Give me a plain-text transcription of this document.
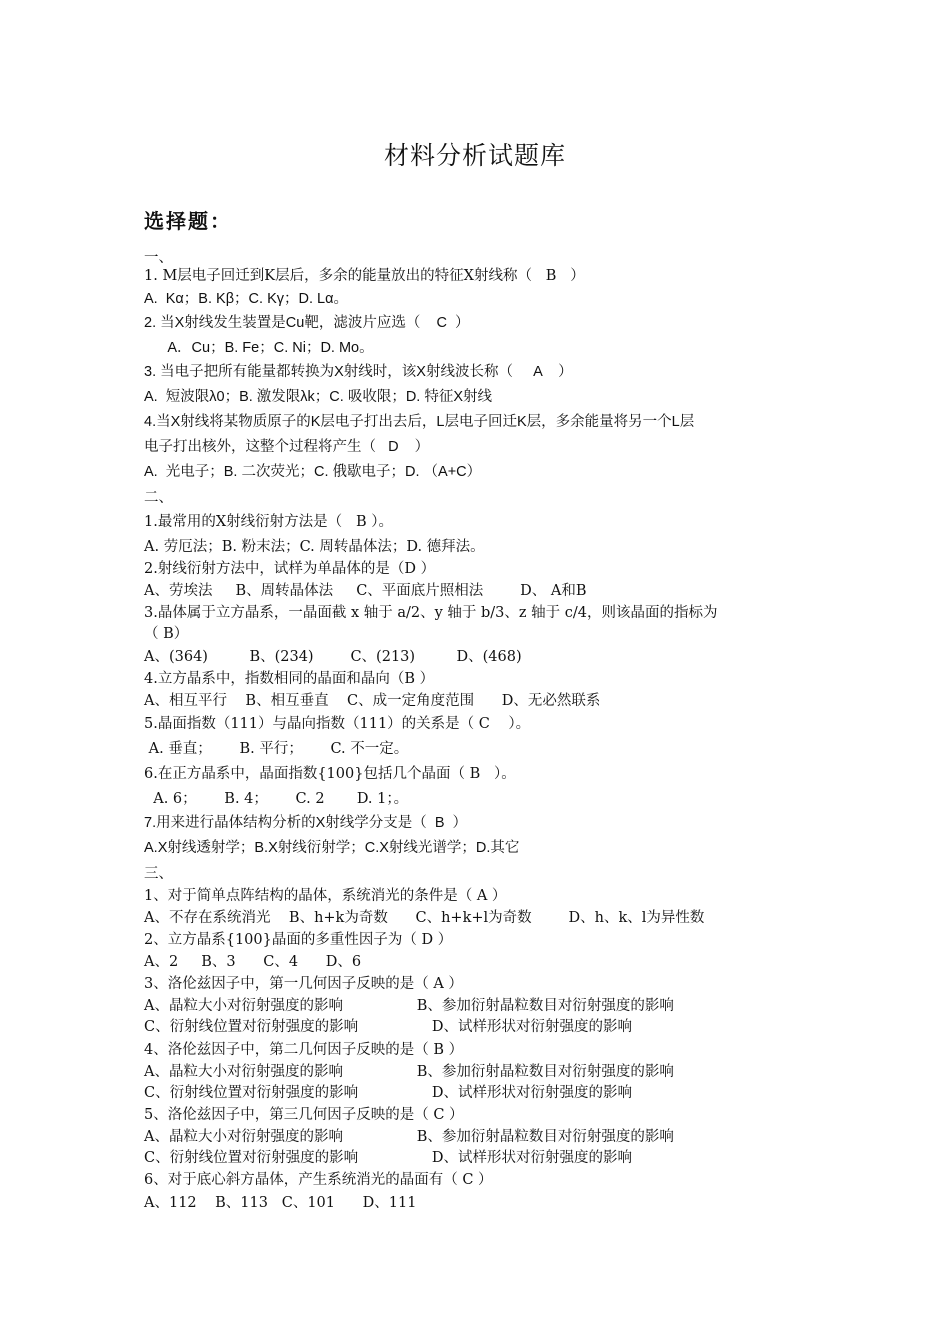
材料分析试题库
选择题：
一、
1. M层电子回迁到K层后，多余的能量放出的特征X射线称（   B   ）
A.  Kα；B. Kβ；C. Kγ；D. Lα。
2. 当X射线发生装置是Cu靶，滤波片应选（    C  ）
A．Cu；B. Fe；C. Ni；D. Mo。
3. 当电子把所有能量都转换为X射线时，该X射线波长称（     A    ）
A.  短波限λ0；B. 激发限λk；C. 吸收限；D. 特征X射线
4.当X射线将某物质原子的K层电子打出去后，L层电子回迁K层，多余能量将另一个L层
电子打出核外，这整个过程将产生（   D    ）
A.  光电子；B. 二次荧光；C. 俄歇电子；D. （A+C）
二、
1.最常用的X射线衍射方法是（   B ）。
A. 劳厄法；B. 粉末法；C. 周转晶体法；D. 德拜法。
2.射线衍射方法中，试样为单晶体的是（D ）
A、劳埃法     B、周转晶体法     C、平面底片照相法        D、 A和B
3.晶体属于立方晶系，一晶面截 x 轴于 a/2、y 轴于 b/3、z 轴于 c/4，则该晶面的指标为
（ B）
A、(364)         B、(234)        C、(213)         D、(468)
4.立方晶系中，指数相同的晶面和晶向（B ）
A、相互平行    B、相互垂直    C、成一定角度范围      D、无必然联系
5.晶面指数（111）与晶向指数（111）的关系是（ C    ）。
A. 垂直；      B. 平行；      C. 不一定。
6.在正方晶系中，晶面指数{100}包括几个晶面（ B   ）。
A. 6；      B. 4；      C. 2       D. 1；。
7.用来进行晶体结构分析的X射线学分支是（  B  ）
A.X射线透射学；B.X射线衍射学；C.X射线光谱学；D.其它
三、
1、对于简单点阵结构的晶体，系统消光的条件是（ A ）
A、不存在系统消光    B、h+k为奇数      C、h+k+l为奇数        D、h、k、l为异性数
2、立方晶系{100}晶面的多重性因子为（ D ）
A、2     B、3      C、4      D、6
3、洛伦兹因子中，第一几何因子反映的是（ A ）
A、晶粒大小对衍射强度的影响                B、参加衍射晶粒数目对衍射强度的影响
C、衍射线位置对衍射强度的影响                D、试样形状对衍射强度的影响
4、洛伦兹因子中，第二几何因子反映的是（ B ）
A、晶粒大小对衍射强度的影响                B、参加衍射晶粒数目对衍射强度的影响
C、衍射线位置对衍射强度的影响                D、试样形状对衍射强度的影响
5、洛伦兹因子中，第三几何因子反映的是（ C ）
A、晶粒大小对衍射强度的影响                B、参加衍射晶粒数目对衍射强度的影响
C、衍射线位置对衍射强度的影响                D、试样形状对衍射强度的影响
6、对于底心斜方晶体，产生系统消光的晶面有（ C ）
A、112    B、113   C、101      D、111
